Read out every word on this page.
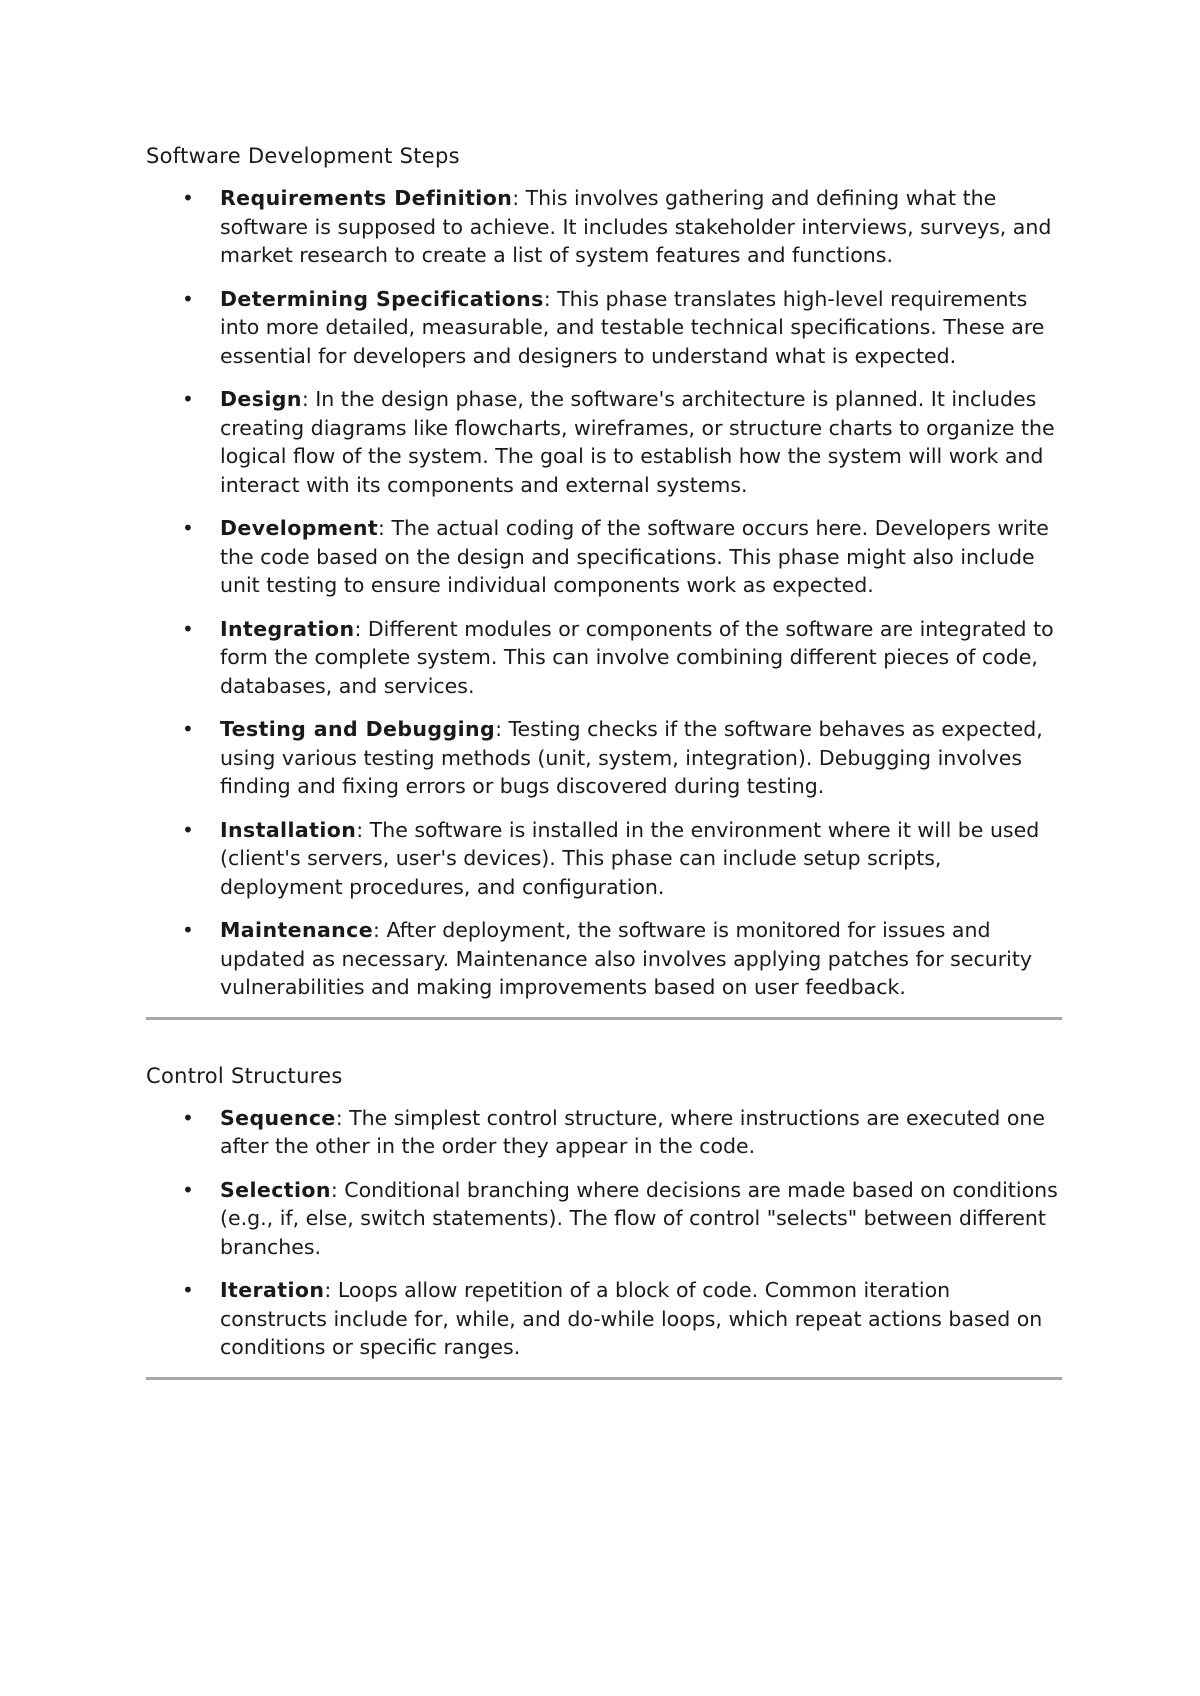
Software Development Steps
• Requirements Definition: This involves gathering and defining what the software is supposed to achieve. It includes stakeholder interviews, surveys, and market research to create a list of system features and functions.
• Determining Specifications: This phase translates high-level requirements into more detailed, measurable, and testable technical specifications. These are essential for developers and designers to understand what is expected.
• Design: In the design phase, the software's architecture is planned. It includes creating diagrams like flowcharts, wireframes, or structure charts to organize the logical flow of the system. The goal is to establish how the system will work and interact with its components and external systems.
• Development: The actual coding of the software occurs here. Developers write the code based on the design and specifications. This phase might also include unit testing to ensure individual components work as expected.
• Integration: Different modules or components of the software are integrated to form the complete system. This can involve combining different pieces of code, databases, and services.
• Testing and Debugging: Testing checks if the software behaves as expected, using various testing methods (unit, system, integration). Debugging involves finding and fixing errors or bugs discovered during testing.
• Installation: The software is installed in the environment where it will be used (client's servers, user's devices). This phase can include setup scripts, deployment procedures, and configuration.
• Maintenance: After deployment, the software is monitored for issues and updated as necessary. Maintenance also involves applying patches for security vulnerabilities and making improvements based on user feedback.
Control Structures
• Sequence: The simplest control structure, where instructions are executed one after the other in the order they appear in the code.
• Selection: Conditional branching where decisions are made based on conditions (e.g., if, else, switch statements). The flow of control "selects" between different branches.
• Iteration: Loops allow repetition of a block of code. Common iteration constructs include for, while, and do-while loops, which repeat actions based on conditions or specific ranges.
